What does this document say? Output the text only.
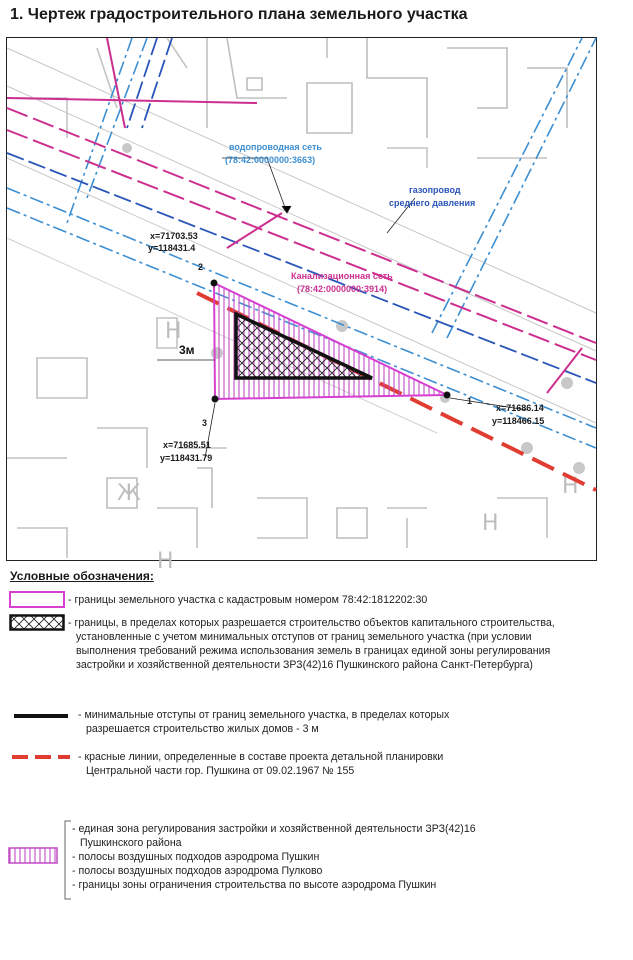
1. Чертеж градостроительного плана земельного участка
Н
Ж
Н
Н
Н
1
x=71686.14
y=118466.15
2
x=71703.53
y=118431.4
3
x=71685.51
y=118431.79
водопроводная сеть
(78:42:0000000:3663)
газопровод
среднего давления
Канализационная сеть
(78:42:0000000:3914)
3м
Условные обозначения:
- границы земельного участка с кадастровым номером 78:42:1812202:30
- границы, в пределах которых разрешается строительство объектов капитального строительства,
установленные с учетом минимальных отступов от границ земельного участка (при условии
выполнения требований режима использования земель в границах единой зоны регулирования
застройки и хозяйственной деятельности ЗРЗ(42)16 Пушкинского района Санкт-Петербурга)
- минимальные отступы от границ земельного участка, в пределах которых
разрешается строительство жилых домов - 3 м
- красные линии, определенные в составе проекта детальной планировки
Центральной части гор. Пушкина от 09.02.1967 № 155
- единая зона регулирования застройки и хозяйственной деятельности ЗРЗ(42)16
Пушкинского района
- полосы воздушных подходов аэродрома Пушкин
- полосы воздушных подходов аэродрома Пулково
- границы зоны ограничения строительства по высоте аэродрома Пушкин
